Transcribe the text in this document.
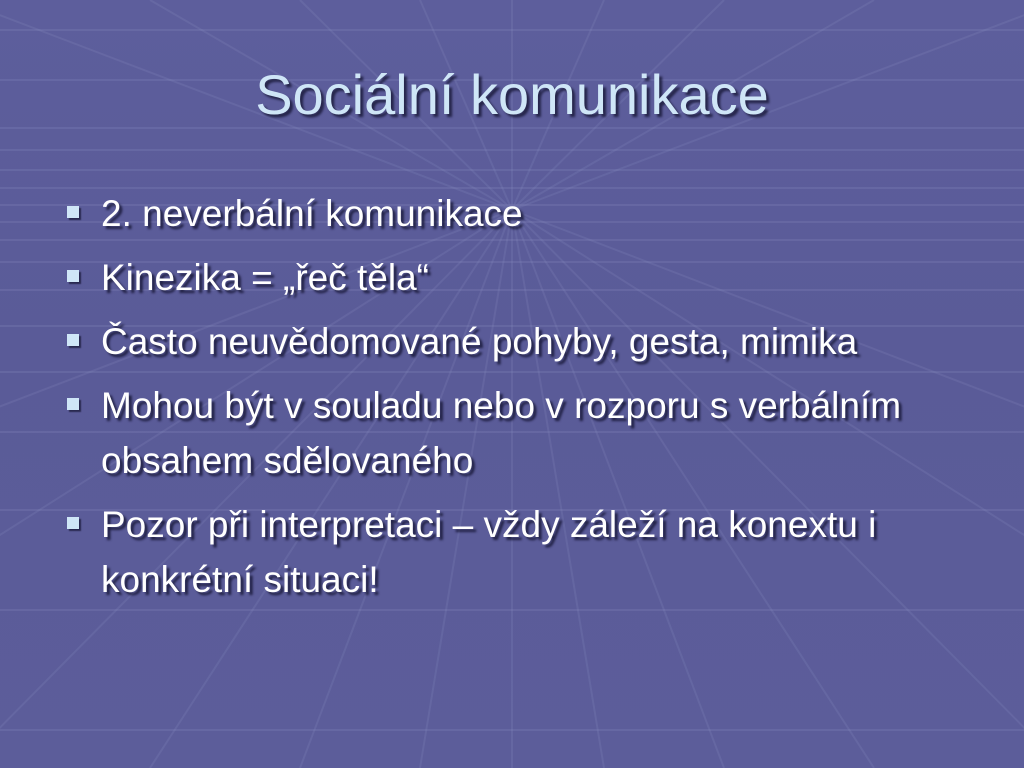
Sociální komunikace
2. neverbální komunikace
Kinezika = „řeč těla“
Často neuvědomované pohyby, gesta, mimika
Mohou být v souladu nebo v rozporu s verbálním obsahem sdělovaného
Pozor při interpretaci – vždy záleží na konextu i konkrétní situaci!
